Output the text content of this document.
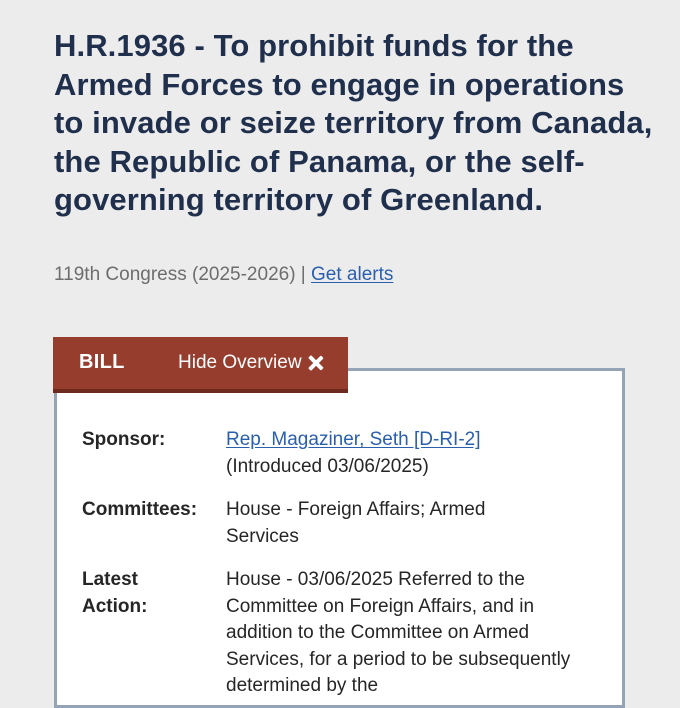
H.R.1936 - To prohibit funds for the Armed Forces to engage in operations to invade or seize territory from Canada, the Republic of Panama, or the self-governing territory of Greenland.
119th Congress (2025-2026) | Get alerts
BILL	Hide Overview
Sponsor:	Rep. Magaziner, Seth [D-RI-2]
(Introduced 03/06/2025)
Committees: House - Foreign Affairs; Armed Services
Latest
Action:
House - 03/06/2025 Referred to the Committee on Foreign Affairs, and in addition to the Committee on Armed Services, for a period to be subsequently determined by the
